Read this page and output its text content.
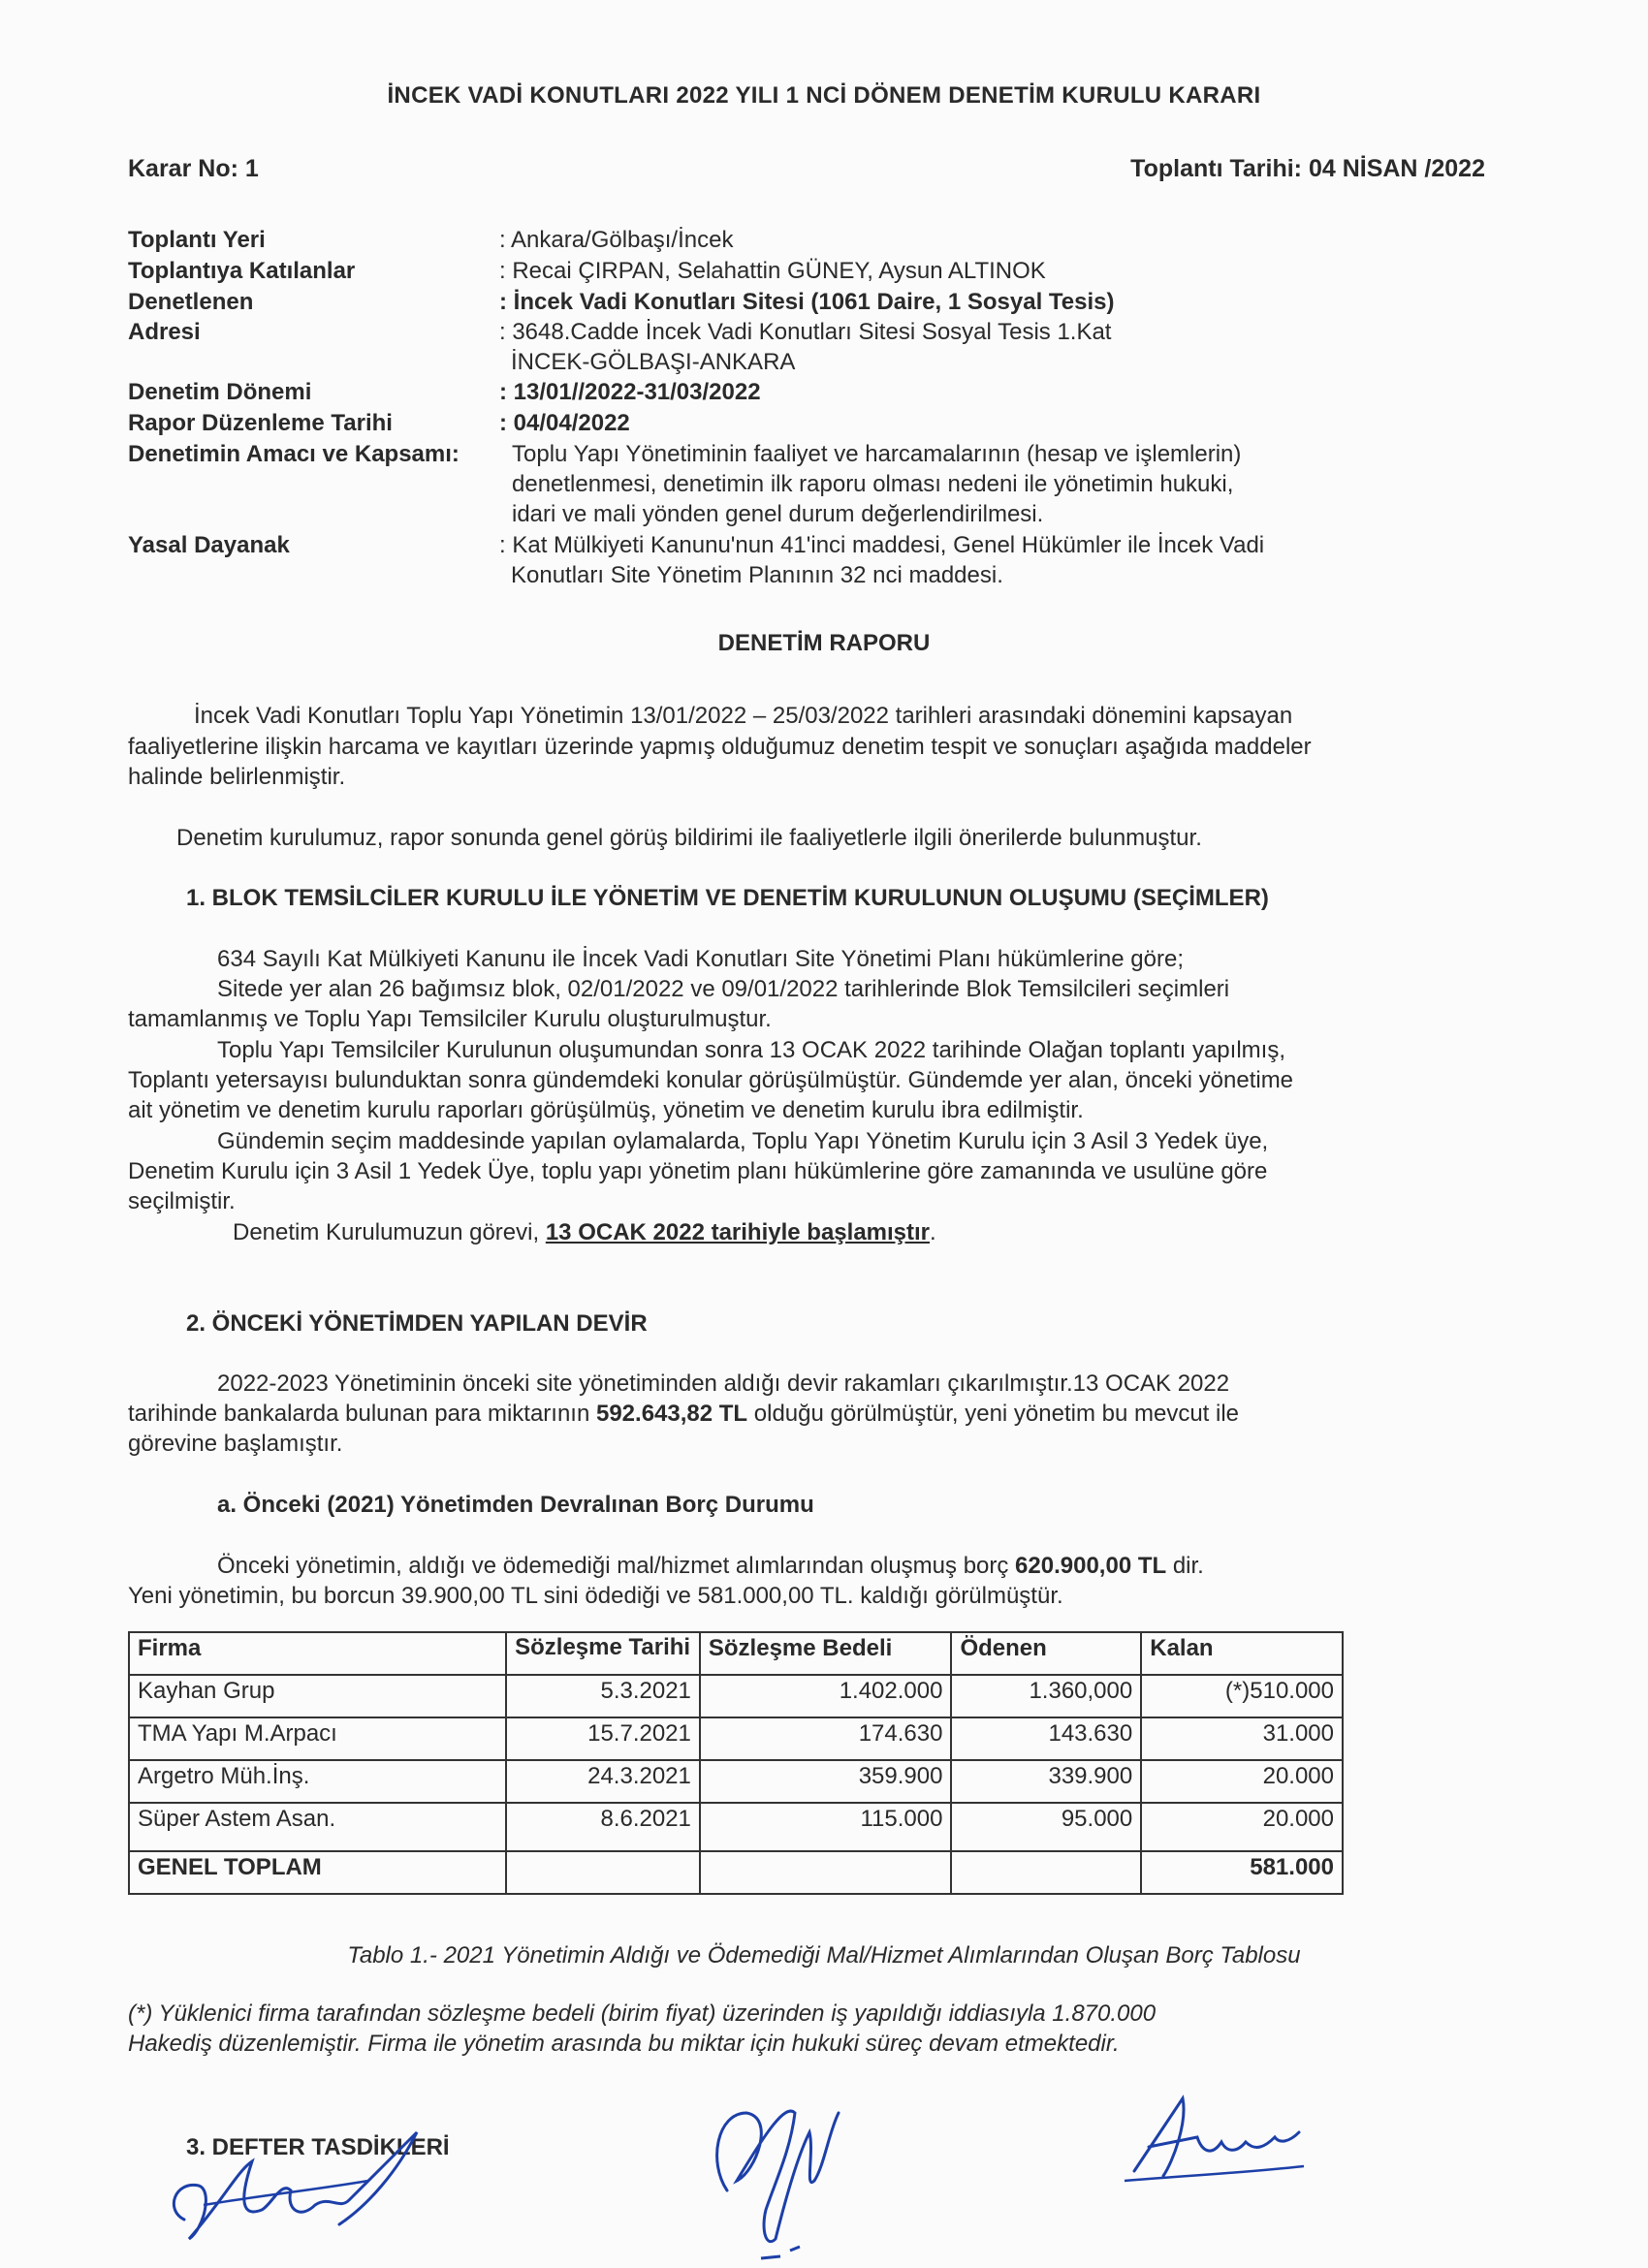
İNCEK VADİ KONUTLARI 2022 YILI 1 NCİ DÖNEM DENETİM KURULU KARARI
Karar No: 1	Toplantı Tarihi: 04 NİSAN /2022
Toplantı Yeri	: Ankara/Gölbaşı/İncek
Toplantıya Katılanlar	: Recai ÇIRPAN, Selahattin GÜNEY, Aysun ALTINOK
Denetlenen	: İncek Vadi Konutları Sitesi (1061 Daire, 1 Sosyal Tesis)
Adresi	: 3648.Cadde İncek Vadi Konutları Sitesi Sosyal Tesis 1.Kat
İNCEK-GÖLBAŞI-ANKARA
Denetim Dönemi	: 13/01//2022-31/03/2022
Rapor Düzenleme Tarihi	: 04/04/2022
Denetimin Amacı ve Kapsamı: Toplu Yapı Yönetiminin faaliyet ve harcamalarının (hesap ve işlemlerin)
denetlenmesi, denetimin ilk raporu olması nedeni ile yönetimin hukuki,
idari ve mali yönden genel durum değerlendirilmesi.
Yasal Dayanak	: Kat Mülkiyeti Kanunu'nun 41'inci maddesi, Genel Hükümler ile İncek Vadi
Konutları Site Yönetim Planının 32 nci maddesi.
DENETİM RAPORU
İncek Vadi Konutları Toplu Yapı Yönetimin 13/01/2022 – 25/03/2022 tarihleri arasındaki dönemini kapsayan
faaliyetlerine ilişkin harcama ve kayıtları üzerinde yapmış olduğumuz denetim tespit ve sonuçları aşağıda maddeler
halinde belirlenmiştir.
Denetim kurulumuz, rapor sonunda genel görüş bildirimi ile faaliyetlerle ilgili önerilerde bulunmuştur.
1. BLOK TEMSİLCİLER KURULU İLE YÖNETİM VE DENETİM KURULUNUN OLUŞUMU (SEÇİMLER)
634 Sayılı Kat Mülkiyeti Kanunu ile İncek Vadi Konutları Site Yönetimi Planı hükümlerine göre;
Sitede yer alan 26 bağımsız blok, 02/01/2022 ve 09/01/2022 tarihlerinde Blok Temsilcileri seçimleri
tamamlanmış ve Toplu Yapı Temsilciler Kurulu oluşturulmuştur.
Toplu Yapı Temsilciler Kurulunun oluşumundan sonra 13 OCAK 2022 tarihinde Olağan toplantı yapılmış,
Toplantı yetersayısı bulunduktan sonra gündemdeki konular görüşülmüştür. Gündemde yer alan, önceki yönetime
ait yönetim ve denetim kurulu raporları görüşülmüş, yönetim ve denetim kurulu ibra edilmiştir.
Gündemin seçim maddesinde yapılan oylamalarda, Toplu Yapı Yönetim Kurulu için 3 Asil 3 Yedek üye,
Denetim Kurulu için 3 Asil 1 Yedek Üye, toplu yapı yönetim planı hükümlerine göre zamanında ve usulüne göre
seçilmiştir.
Denetim Kurulumuzun görevi, 13 OCAK 2022 tarihiyle başlamıştır.
2. ÖNCEKİ YÖNETİMDEN YAPILAN DEVİR
2022-2023 Yönetiminin önceki site yönetiminden aldığı devir rakamları çıkarılmıştır.13 OCAK 2022
tarihinde bankalarda bulunan para miktarının 592.643,82 TL olduğu görülmüştür, yeni yönetim bu mevcut ile
görevine başlamıştır.
a. Önceki (2021) Yönetimden Devralınan Borç Durumu
Önceki yönetimin, aldığı ve ödemediği mal/hizmet alımlarından oluşmuş borç 620.900,00 TL dir.
Yeni yönetimin, bu borcun 39.900,00 TL sini ödediği ve 581.000,00 TL. kaldığı görülmüştür.
Firma	Sözleşme Tarihi	Sözleşme Bedeli	Ödenen	Kalan
Kayhan Grup	5.3.2021	1.402.000	1.360,000	(*)510.000
TMA Yapı M.Arpacı	15.7.2021	174.630	143.630	31.000
Argetro Müh.İnş.	24.3.2021	359.900	339.900	20.000
Süper Astem Asan.	8.6.2021	115.000	95.000	20.000
GENEL TOPLAM				581.000
Tablo 1.- 2021 Yönetimin Aldığı ve Ödemediği Mal/Hizmet Alımlarından Oluşan Borç Tablosu
(*) Yüklenici firma tarafından sözleşme bedeli (birim fiyat) üzerinden iş yapıldığı iddiasıyla 1.870.000
Hakediş düzenlemiştir. Firma ile yönetim arasında bu miktar için hukuki süreç devam etmektedir.
3. DEFTER TASDİKLERİ
